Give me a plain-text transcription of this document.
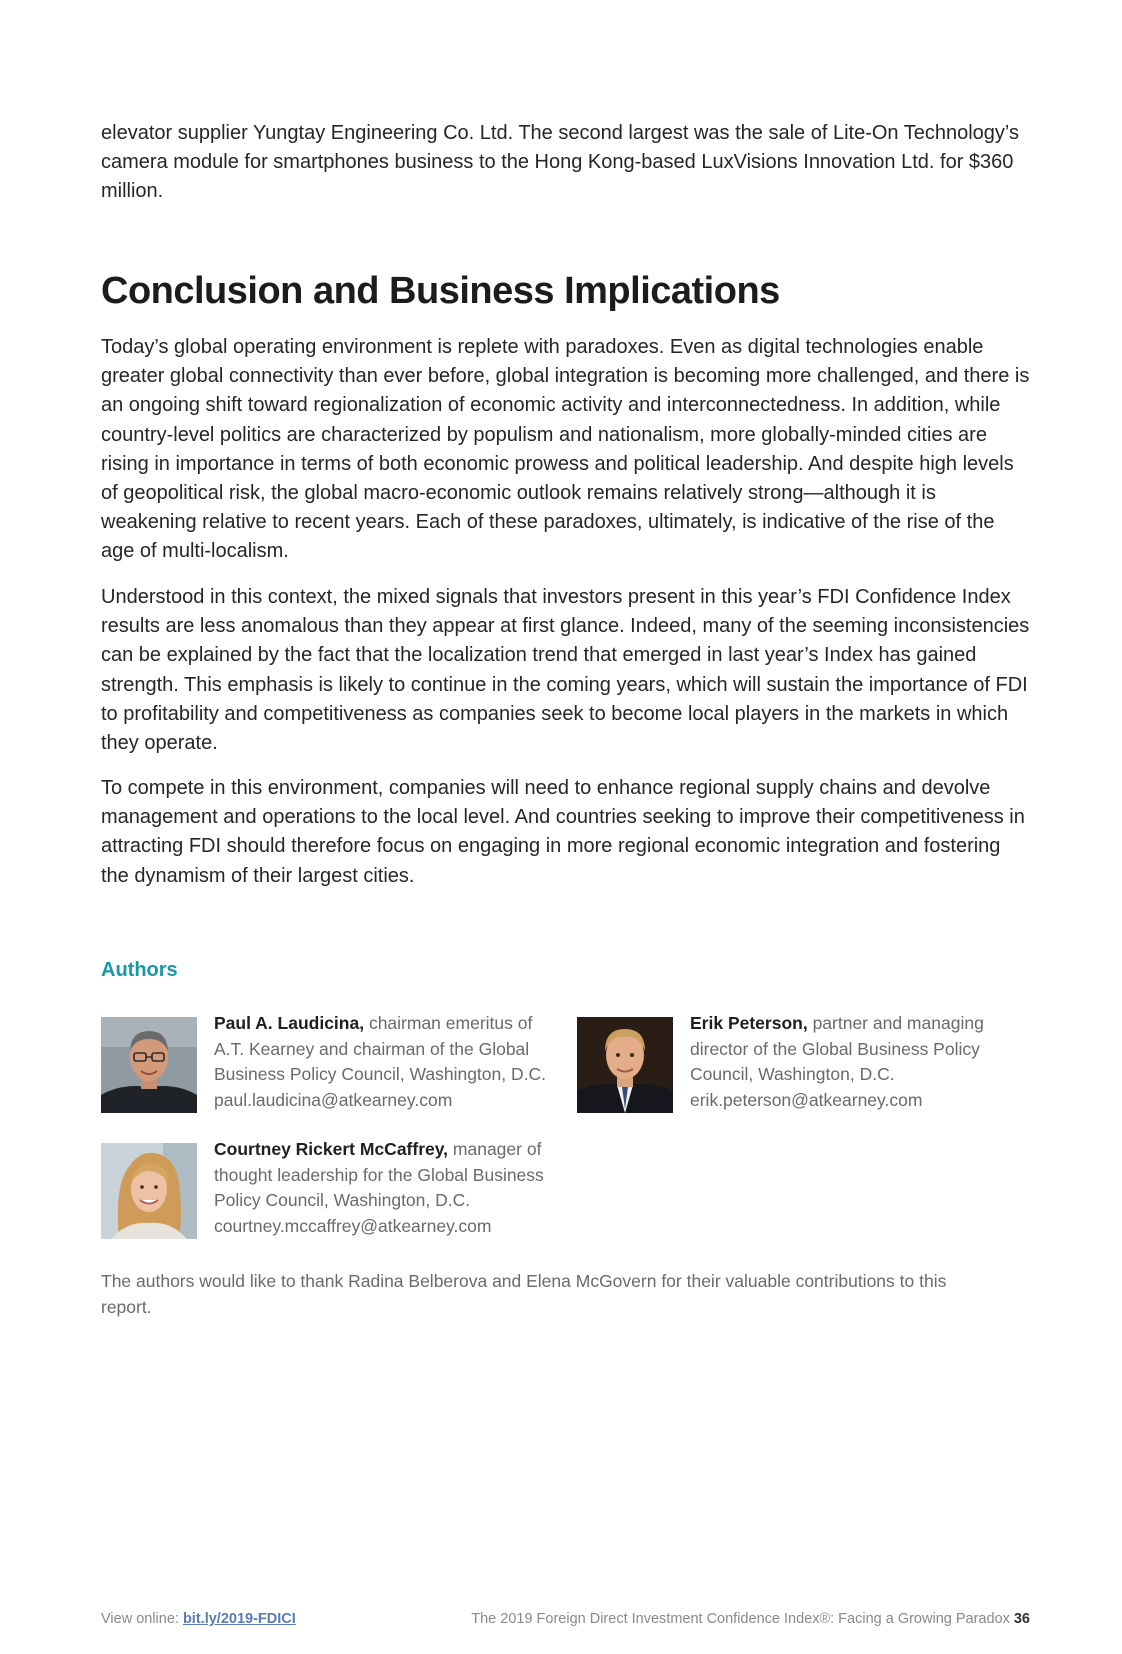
elevator supplier Yungtay Engineering Co. Ltd. The second largest was the sale of Lite-On Technology’s camera module for smartphones business to the Hong Kong-based LuxVisions Innovation Ltd. for $360 million.

Conclusion and Business Implications

Today’s global operating environment is replete with paradoxes. Even as digital technologies enable greater global connectivity than ever before, global integration is becoming more challenged, and there is an ongoing shift toward regionalization of economic activity and interconnectedness. In addition, while country-level politics are characterized by populism and nationalism, more globally-minded cities are rising in importance in terms of both economic prowess and political leadership. And despite high levels of geopolitical risk, the global macro-economic outlook remains relatively strong—although it is weakening relative to recent years. Each of these paradoxes, ultimately, is indicative of the rise of the age of multi-localism.

Understood in this context, the mixed signals that investors present in this year’s FDI Confidence Index results are less anomalous than they appear at first glance. Indeed, many of the seeming inconsistencies can be explained by the fact that the localization trend that emerged in last year’s Index has gained strength. This emphasis is likely to continue in the coming years, which will sustain the importance of FDI to profitability and competitiveness as companies seek to become local players in the markets in which they operate.

To compete in this environment, companies will need to enhance regional supply chains and devolve management and operations to the local level. And countries seeking to improve their competitiveness in attracting FDI should therefore focus on engaging in more regional economic integration and fostering the dynamism of their largest cities.

Authors
Paul A. Laudicina, chairman emeritus of A.T. Kearney and chairman of the Global Business Policy Council, Washington, D.C.
paul.laudicina@atkearney.com
Erik Peterson, partner and managing director of the Global Business Policy Council, Washington, D.C.
erik.peterson@atkearney.com
Courtney Rickert McCaffrey, manager of thought leadership for the Global Business Policy Council, Washington, D.C.
courtney.mccaffrey@atkearney.com

The authors would like to thank Radina Belberova and Elena McGovern for their valuable contributions to this report.

View online: bit.ly/2019-FDICI	The 2019 Foreign Direct Investment Confidence Index®: Facing a Growing Paradox 36
